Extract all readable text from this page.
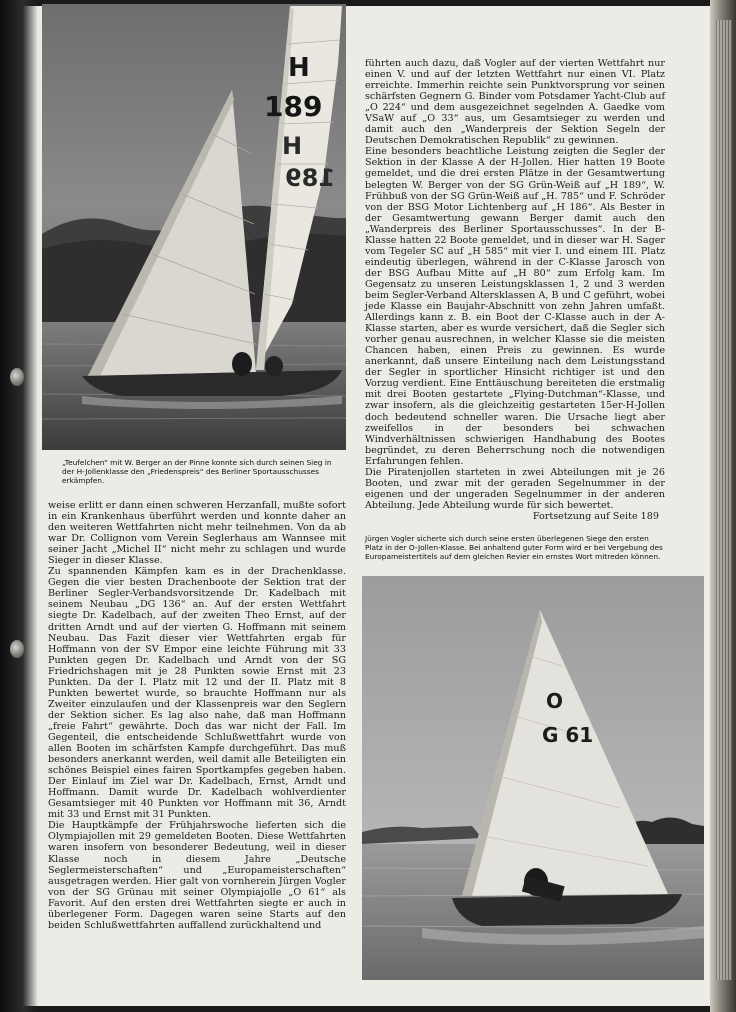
H
189
H
189
„Teufelchen“ mit W. Berger an der Pinne konnte sich durch seinen Sieg in der H-Jollenklasse den „Friedenspreis“ des Berliner Sportausschusses erkämpfen.

weise erlitt er dann einen schweren Herzanfall, mußte sofort in ein Krankenhaus überführt werden und konnte daher an den weiteren Wettfahrten nicht mehr teilnehmen. Von da ab war Dr. Collignon vom Verein Seglerhaus am Wannsee mit seiner Jacht „Michel II“ nicht mehr zu schlagen und wurde Sieger in dieser Klasse.

Zu spannenden Kämpfen kam es in der Drachenklasse. Gegen die vier besten Drachenboote der Sektion trat der Berliner Segler-Verbandsvorsitzende Dr. Kadelbach mit seinem Neubau „DG 136“ an. Auf der ersten Wettfahrt siegte Dr. Kadelbach, auf der zweiten Theo Ernst, auf der dritten Arndt und auf der vierten G. Hoffmann mit seinem Neubau. Das Fazit dieser vier Wettfahrten ergab für Hoffmann von der SV Empor eine leichte Führung mit 33 Punkten gegen Dr. Kadelbach und Arndt von der SG Friedrichshagen mit je 28 Punkten sowie Ernst mit 23 Punkten. Da der I. Platz mit 12 und der II. Platz mit 8 Punkten bewertet wurde, so brauchte Hoffmann nur als Zweiter einzulaufen und der Klassenpreis war den Seglern der Sektion sicher. Es lag also nahe, daß man Hoffmann „freie Fahrt“ gewährte. Doch das war nicht der Fall. Im Gegenteil, die entscheidende Schlußwettfahrt wurde von allen Booten im schärfsten Kampfe durchgeführt. Das muß besonders anerkannt werden, weil damit alle Beteiligten ein schönes Beispiel eines fairen Sportkampfes gegeben haben. Der Einlauf im Ziel war Dr. Kadelbach, Ernst, Arndt und Hoffmann. Damit wurde Dr. Kadelbach wohlverdienter Gesamtsieger mit 40 Punkten vor Hoffmann mit 36, Arndt mit 33 und Ernst mit 31 Punkten.

Die Hauptkämpfe der Frühjahrswoche lieferten sich die Olympiajollen mit 29 gemeldeten Booten. Diese Wettfahrten waren insofern von besonderer Bedeutung, weil in dieser Klasse noch in diesem Jahre „Deutsche Seglermeisterschaften“ und „Europameisterschaften“ ausgetragen werden. Hier galt von vornherein Jürgen Vogler von der SG Grünau mit seiner Olympiajolle „O 61“ als Favorit. Auf den ersten drei Wettfahrten siegte er auch in überlegener Form. Dagegen waren seine Starts auf den beiden Schlußwettfahrten auffallend zurückhaltend und

führten auch dazu, daß Vogler auf der vierten Wettfahrt nur einen V. und auf der letzten Wettfahrt nur einen VI. Platz erreichte. Immerhin reichte sein Punktvorsprung vor seinen schärfsten Gegnern G. Binder vom Potsdamer Yacht-Club auf „O 224“ und dem ausgezeichnet segelnden A. Gaedke vom VSaW auf „O 33“ aus, um Gesamtsieger zu werden und damit auch den „Wanderpreis der Sektion Segeln der Deutschen Demokratischen Republik“ zu gewinnen.

Eine besonders beachtliche Leistung zeigten die Segler der Sektion in der Klasse A der H-Jollen. Hier hatten 19 Boote gemeldet, und die drei ersten Plätze in der Gesamtwertung belegten W. Berger von der SG Grün-Weiß auf „H 189“, W. Frühbuß von der SG Grün-Weiß auf „H. 785“ und F. Schröder von der BSG Motor Lichtenberg auf „H 186“. Als Bester in der Gesamtwertung gewann Berger damit auch den „Wanderpreis des Berliner Sportausschusses“. In der B-Klasse hatten 22 Boote gemeldet, und in dieser war H. Sager vom Tegeler SC auf „H 585“ mit vier I. und einem III. Platz eindeutig überlegen, während in der C-Klasse Jarosch von der BSG Aufbau Mitte auf „H 80“ zum Erfolg kam. Im Gegensatz zu unseren Leistungsklassen 1, 2 und 3 werden beim Segler-Verband Altersklassen A, B und C geführt, wobei jede Klasse ein Baujahr-Abschnitt von zehn Jahren umfaßt. Allerdings kann z. B. ein Boot der C-Klasse auch in der A-Klasse starten, aber es wurde versichert, daß die Segler sich vorher genau ausrechnen, in welcher Klasse sie die meisten Chancen haben, einen Preis zu gewinnen. Es wurde anerkannt, daß unsere Einteilung nach dem Leistungsstand der Segler in sportlicher Hinsicht richtiger ist und den Vorzug verdient. Eine Enttäuschung bereiteten die erstmalig mit drei Booten gestartete „Flying-Dutchman“-Klasse, und zwar insofern, als die gleichzeitig gestarteten 15er-H-Jollen doch bedeutend schneller waren. Die Ursache liegt aber zweifellos in der besonders bei schwachen Windverhältnissen schwierigen Handhabung des Bootes begründet, zu deren Beherrschung noch die notwendigen Erfahrungen fehlen.

Die Piratenjollen starteten in zwei Abteilungen mit je 26 Booten, und zwar mit der geraden Segelnummer in der eigenen und der ungeraden Segelnummer in der anderen Abteilung. Jede Abteilung wurde für sich bewertet.

Fortsetzung auf Seite 189
Jürgen Vogler sicherte sich durch seine ersten überlegenen Siege den ersten Platz in der O-Jollen-Klasse. Bei anhaltend guter Form wird er bei Vergebung des Europameistertitels auf dem gleichen Revier ein ernstes Wort mitreden können.
O
G 61
